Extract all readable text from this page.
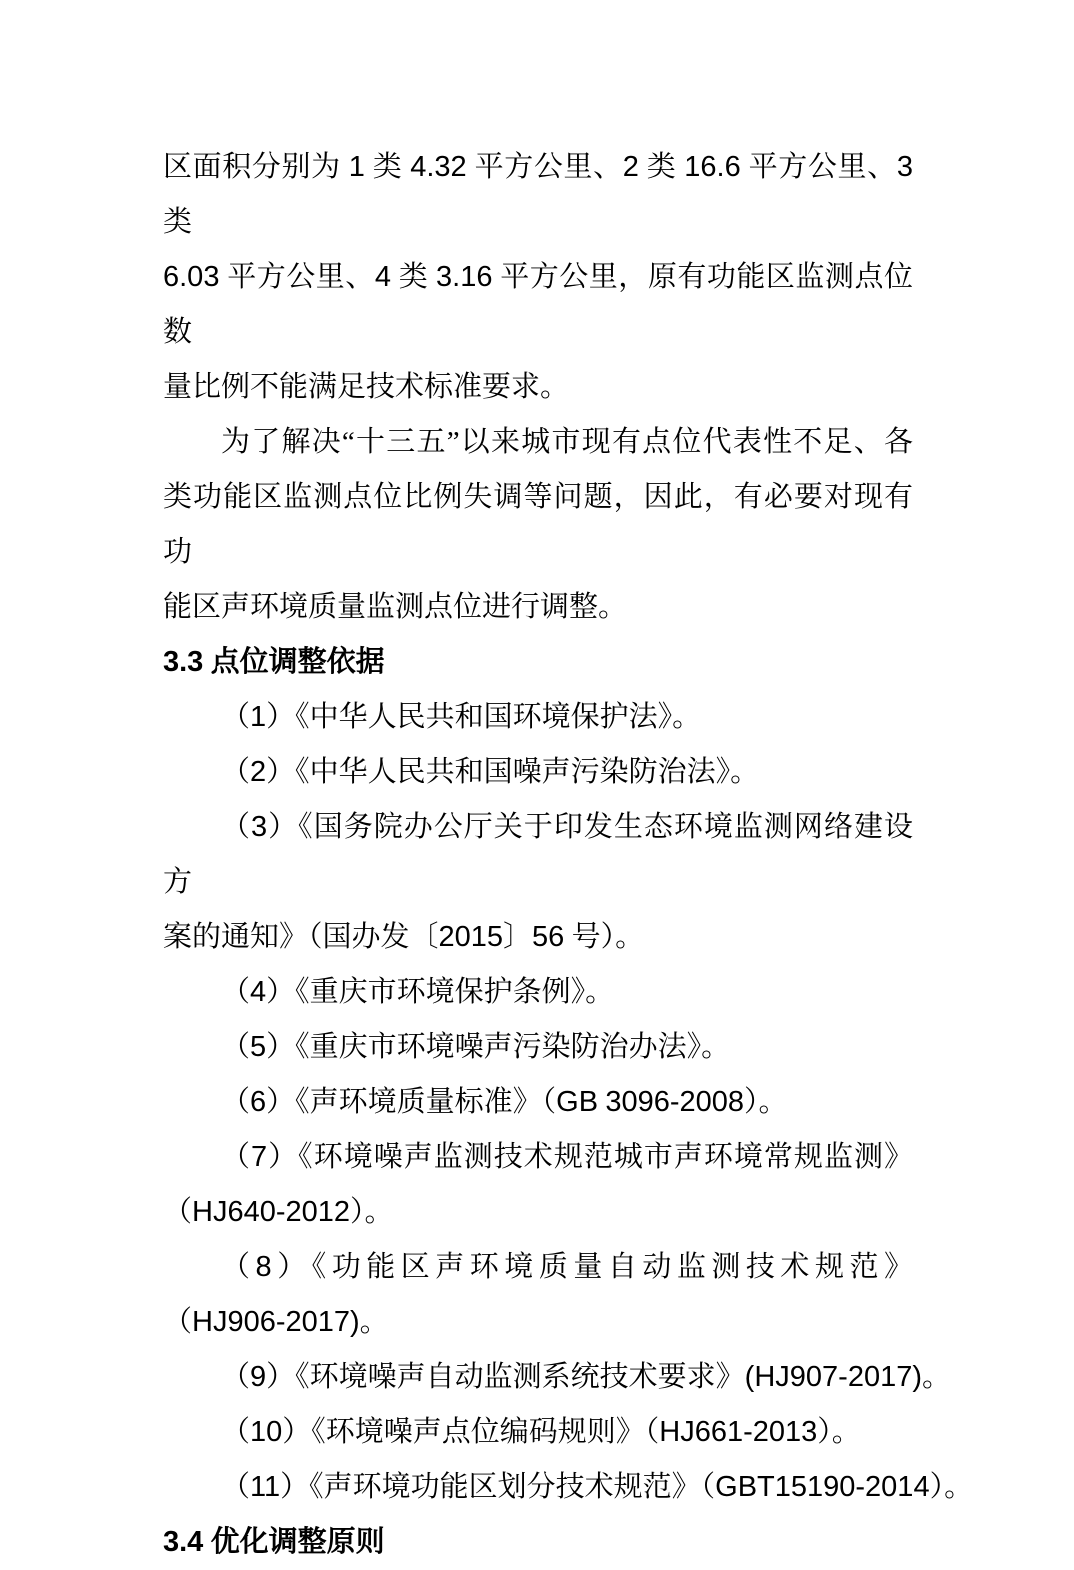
区面积分别为 1 类 4.32 平方公里、2 类 16.6 平方公里、3 类
6.03 平方公里、4 类 3.16 平方公里，原有功能区监测点位数
量比例不能满足技术标准要求。
为了解决“十三五”以来城市现有点位代表性不足、各
类功能区监测点位比例失调等问题，因此，有必要对现有功
能区声环境质量监测点位进行调整。
3.3 点位调整依据
（1）《中华人民共和国环境保护法》。
（2）《中华人民共和国噪声污染防治法》。
（3）《国务院办公厅关于印发生态环境监测网络建设方
案的通知》（国办发〔2015〕56 号）。
（4）《重庆市环境保护条例》。
（5）《重庆市环境噪声污染防治办法》。
（6）《声环境质量标准》（GB 3096-2008）。
（7）《环境噪声监测技术规范城市声环境常规监测》
（HJ640-2012）。
（8）《功能区声环境质量自动监测技术规范》
（HJ906-2017)。
（9）《环境噪声自动监测系统技术要求》(HJ907-2017)。
（10）《环境噪声点位编码规则》（HJ661-2013）。
（11）《声环境功能区划分技术规范》（GBT15190-2014）。
3.4 优化调整原则
